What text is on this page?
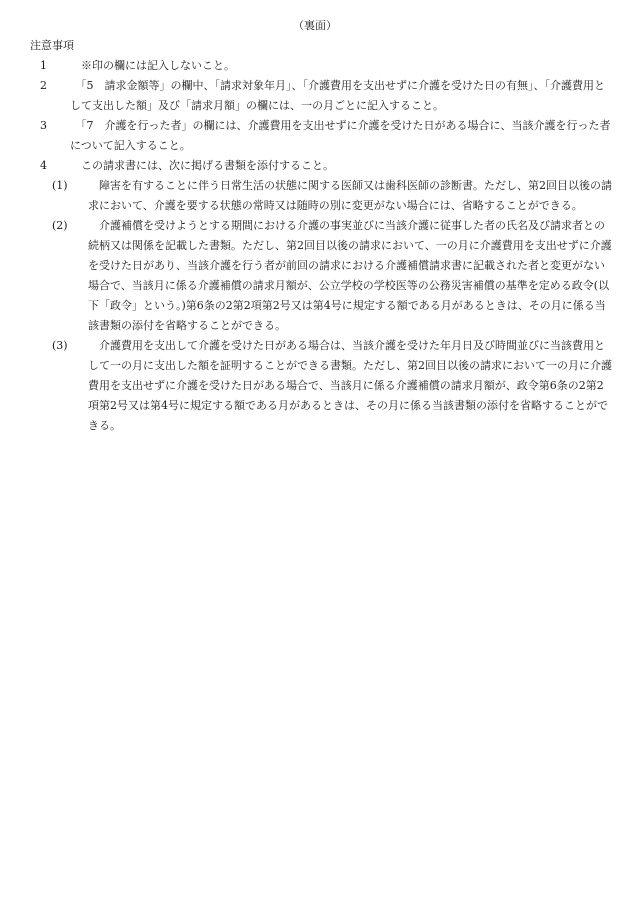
（裏面）

注意事項

1 　※印の欄には記入しないこと。

2 　「5　請求金額等」の欄中、「請求対象年月」、「介護費用を支出せずに介護を受けた日の有無」、「介護費用として支出した額」及び「請求月額」の欄には、一の月ごとに記入すること。

3 　「7　介護を行った者」の欄には、介護費用を支出せずに介護を受けた日がある場合に、当該介護を行った者について記入すること。

4 　この請求書には、次に掲げる書類を添付すること。

(1) 　障害を有することに伴う日常生活の状態に関する医師又は歯科医師の診断書。ただし、第2回目以後の請求において、介護を要する状態の常時又は随時の別に変更がない場合には、省略することができる。

(2) 　介護補償を受けようとする期間における介護の事実並びに当該介護に従事した者の氏名及び請求者との続柄又は関係を記載した書類。ただし、第2回目以後の請求において、一の月に介護費用を支出せずに介護を受けた日があり、当該介護を行う者が前回の請求における介護補償請求書に記載された者と変更がない場合で、当該月に係る介護補償の請求月額が、公立学校の学校医等の公務災害補償の基準を定める政令(以下「政令」という。)第6条の2第2項第2号又は第4号に規定する額である月があるときは、その月に係る当該書類の添付を省略することができる。

(3) 　介護費用を支出して介護を受けた日がある場合は、当該介護を受けた年月日及び時間並びに当該費用として一の月に支出した額を証明することができる書類。ただし、第2回目以後の請求において一の月に介護費用を支出せずに介護を受けた日がある場合で、当該月に係る介護補償の請求月額が、政令第6条の2第2項第2号又は第4号に規定する額である月があるときは、その月に係る当該書類の添付を省略することができる。
